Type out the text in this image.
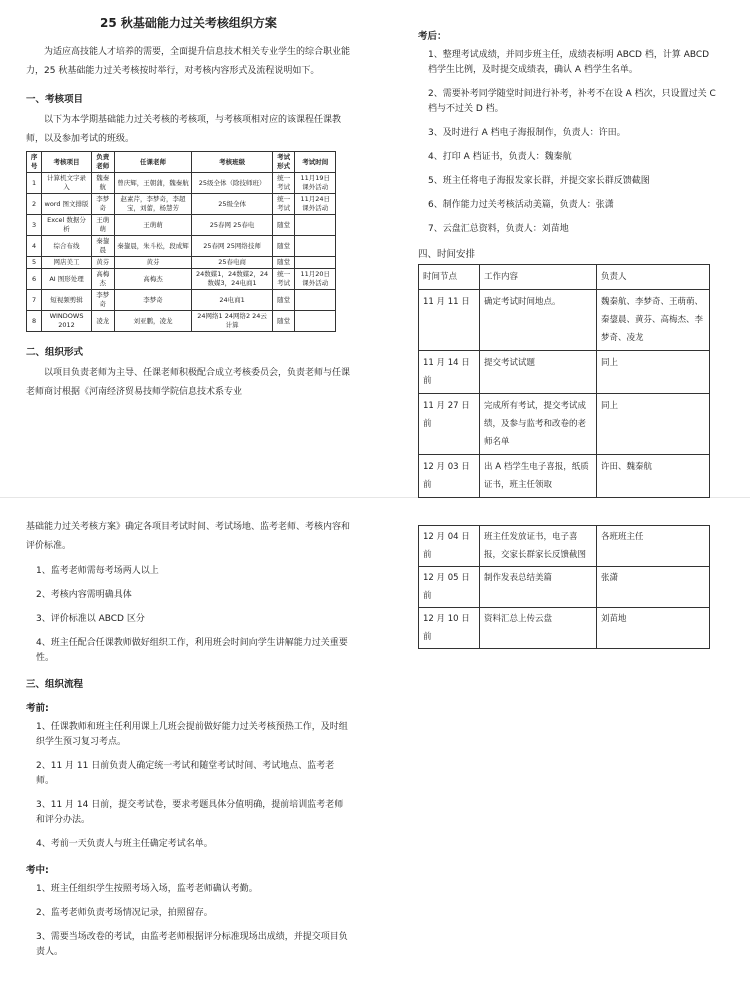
25 秋基础能力过关考核组织方案

为适应高技能人才培养的需要，全面提升信息技术相关专业学生的综合职业能力，25 秋基础能力过关考核按时举行，对考核内容形式及流程说明如下。

一、考核项目

以下为本学期基础能力过关考核的考核项，与考核项相对应的该课程任课教师，以及参加考试的班级。

序号	考核项目	负责老师	任课老师	考核班级	考试形式	考试时间
1	计算机文字录入	魏秦航	曾庆辉，王朝蒲，魏秦航	25级全体（除技师班）	统一考试	11月19日课外活动
2	word 图文排版	李梦奇	赵素芹，李梦奇，李超宝，刘蕾，杨慧芳	25级全体	统一考试	11月24日课外活动
3	Excel 数据分析	王萌萌	王萌萌	25春网 25春电	随堂	
4	综合布线	秦鋆晨	秦鋆晨，朱斗松，段成辉	25春网 25网络技师	随堂	
5	网店美工	黄芬	黄芬	25春电商	随堂	
6	AI 图形处理	高梅杰	高梅杰	24数媒1，24数媒2，24数媒3，24电商1	统一考试	11月20日课外活动
7	短视频剪辑	李梦奇	李梦奇	24电商1	随堂	
8	WINDOWS 2012	凌龙	刘亚鹏，凌龙	24网络1 24网络2 24云计算	随堂	
二、组织形式

以项目负责老师为主导、任课老师积极配合成立考核委员会，负责老师与任课老师商讨根据《河南经济贸易技师学院信息技术系专业

考后：
1、整理考试成绩，并同步班主任，成绩表标明 ABCD 档，计算 ABCD 档学生比例，及时提交成绩表，确认 A 档学生名单。
2、需要补考同学随堂时间进行补考，补考不在设 A 档次，只设置过关 C 档与不过关 D 档。
3、及时进行 A 档电子海报制作，负责人：许田。
4、打印 A 档证书，负责人：魏秦航
5、班主任将电子海报发家长群，并提交家长群反馈截图
6、制作能力过关考核活动美篇，负责人：张潇
7、云盘汇总资料，负责人：刘苗地
四、时间安排
时间节点	工作内容	负责人
11 月 11 日	确定考试时间地点。	魏秦航、李梦奇、王萌萌、秦鋆晨、黄芬、高梅杰、李梦奇、凌龙
11 月 14 日前	提交考试试题	同上
11 月 27 日前	完成所有考试，提交考试成绩，及参与监考和改卷的老师名单	同上
12 月 03 日前	出 A 档学生电子喜报，纸质证书，班主任领取	许田、魏秦航

基础能力过关考核方案》确定各项目考试时间、考试场地、监考老师、考核内容和评价标准。

1、监考老师需每考场两人以上
2、考核内容需明确具体
3、评价标准以 ABCD 区分
4、班主任配合任课教师做好组织工作，利用班会时间向学生讲解能力过关重要性。
三、组织流程
考前:
1、任课教师和班主任利用课上几班会提前做好能力过关考核预热工作，及时组织学生预习复习考点。
2、11 月 11 日前负责人确定统一考试和随堂考试时间、考试地点、监考老师。
3、11 月 14 日前，提交考试卷，要求考题具体分值明确，提前培训监考老师和评分办法。
4、考前一天负责人与班主任确定考试名单。
考中:
1、班主任组织学生按照考场入场，监考老师确认考勤。
2、监考老师负责考场情况记录，拍照留存。
3、需要当场改卷的考试，由监考老师根据评分标准现场出成绩，并提交项目负责人。
12 月 04 日前	班主任发放证书，电子喜报，交家长群家长反馈截图	各班班主任
12 月 05 日前	制作发表总结美篇	张潇
12 月 10 日前	资料汇总上传云盘	刘苗地
